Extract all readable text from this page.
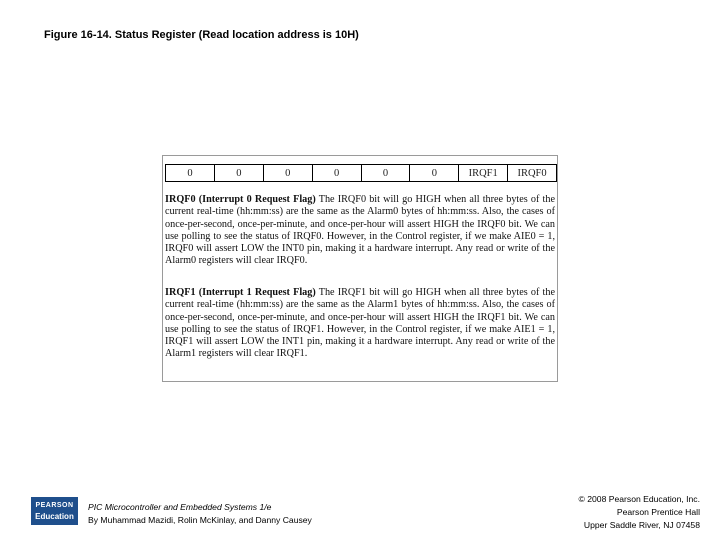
Figure 16-14. Status Register (Read location address is 10H)
0	0	0	0	0	0	IRQF1	IRQF0
IRQF0 (Interrupt 0 Request Flag) The IRQF0 bit will go HIGH when all three bytes of the current real-time (hh:mm:ss) are the same as the Alarm0 bytes of hh:mm:ss. Also, the cases of once-per-second, once-per-minute, and once-per-hour will assert HIGH the IRQF0 bit. We can use polling to see the status of IRQF0. However, in the Control register, if we make AIE0 = 1, IRQF0 will assert LOW the INT0 pin, making it a hardware interrupt. Any read or write of the Alarm0 registers will clear IRQF0.
IRQF1 (Interrupt 1 Request Flag) The IRQF1 bit will go HIGH when all three bytes of the current real-time (hh:mm:ss) are the same as the Alarm1 bytes of hh:mm:ss. Also, the cases of once-per-second, once-per-minute, and once-per-hour will assert HIGH the IRQF1 bit. We can use polling to see the status of IRQF1. However, in the Control register, if we make AIE1 = 1, IRQF1 will assert LOW the INT1 pin, making it a hardware interrupt. Any read or write of the Alarm1 registers will clear IRQF1.
PEARSON
Education
PIC Microcontroller and Embedded Systems 1/e
By Muhammad Mazidi, Rolin McKinlay, and Danny Causey
© 2008 Pearson Education, Inc.
Pearson Prentice Hall
Upper Saddle River, NJ 07458
